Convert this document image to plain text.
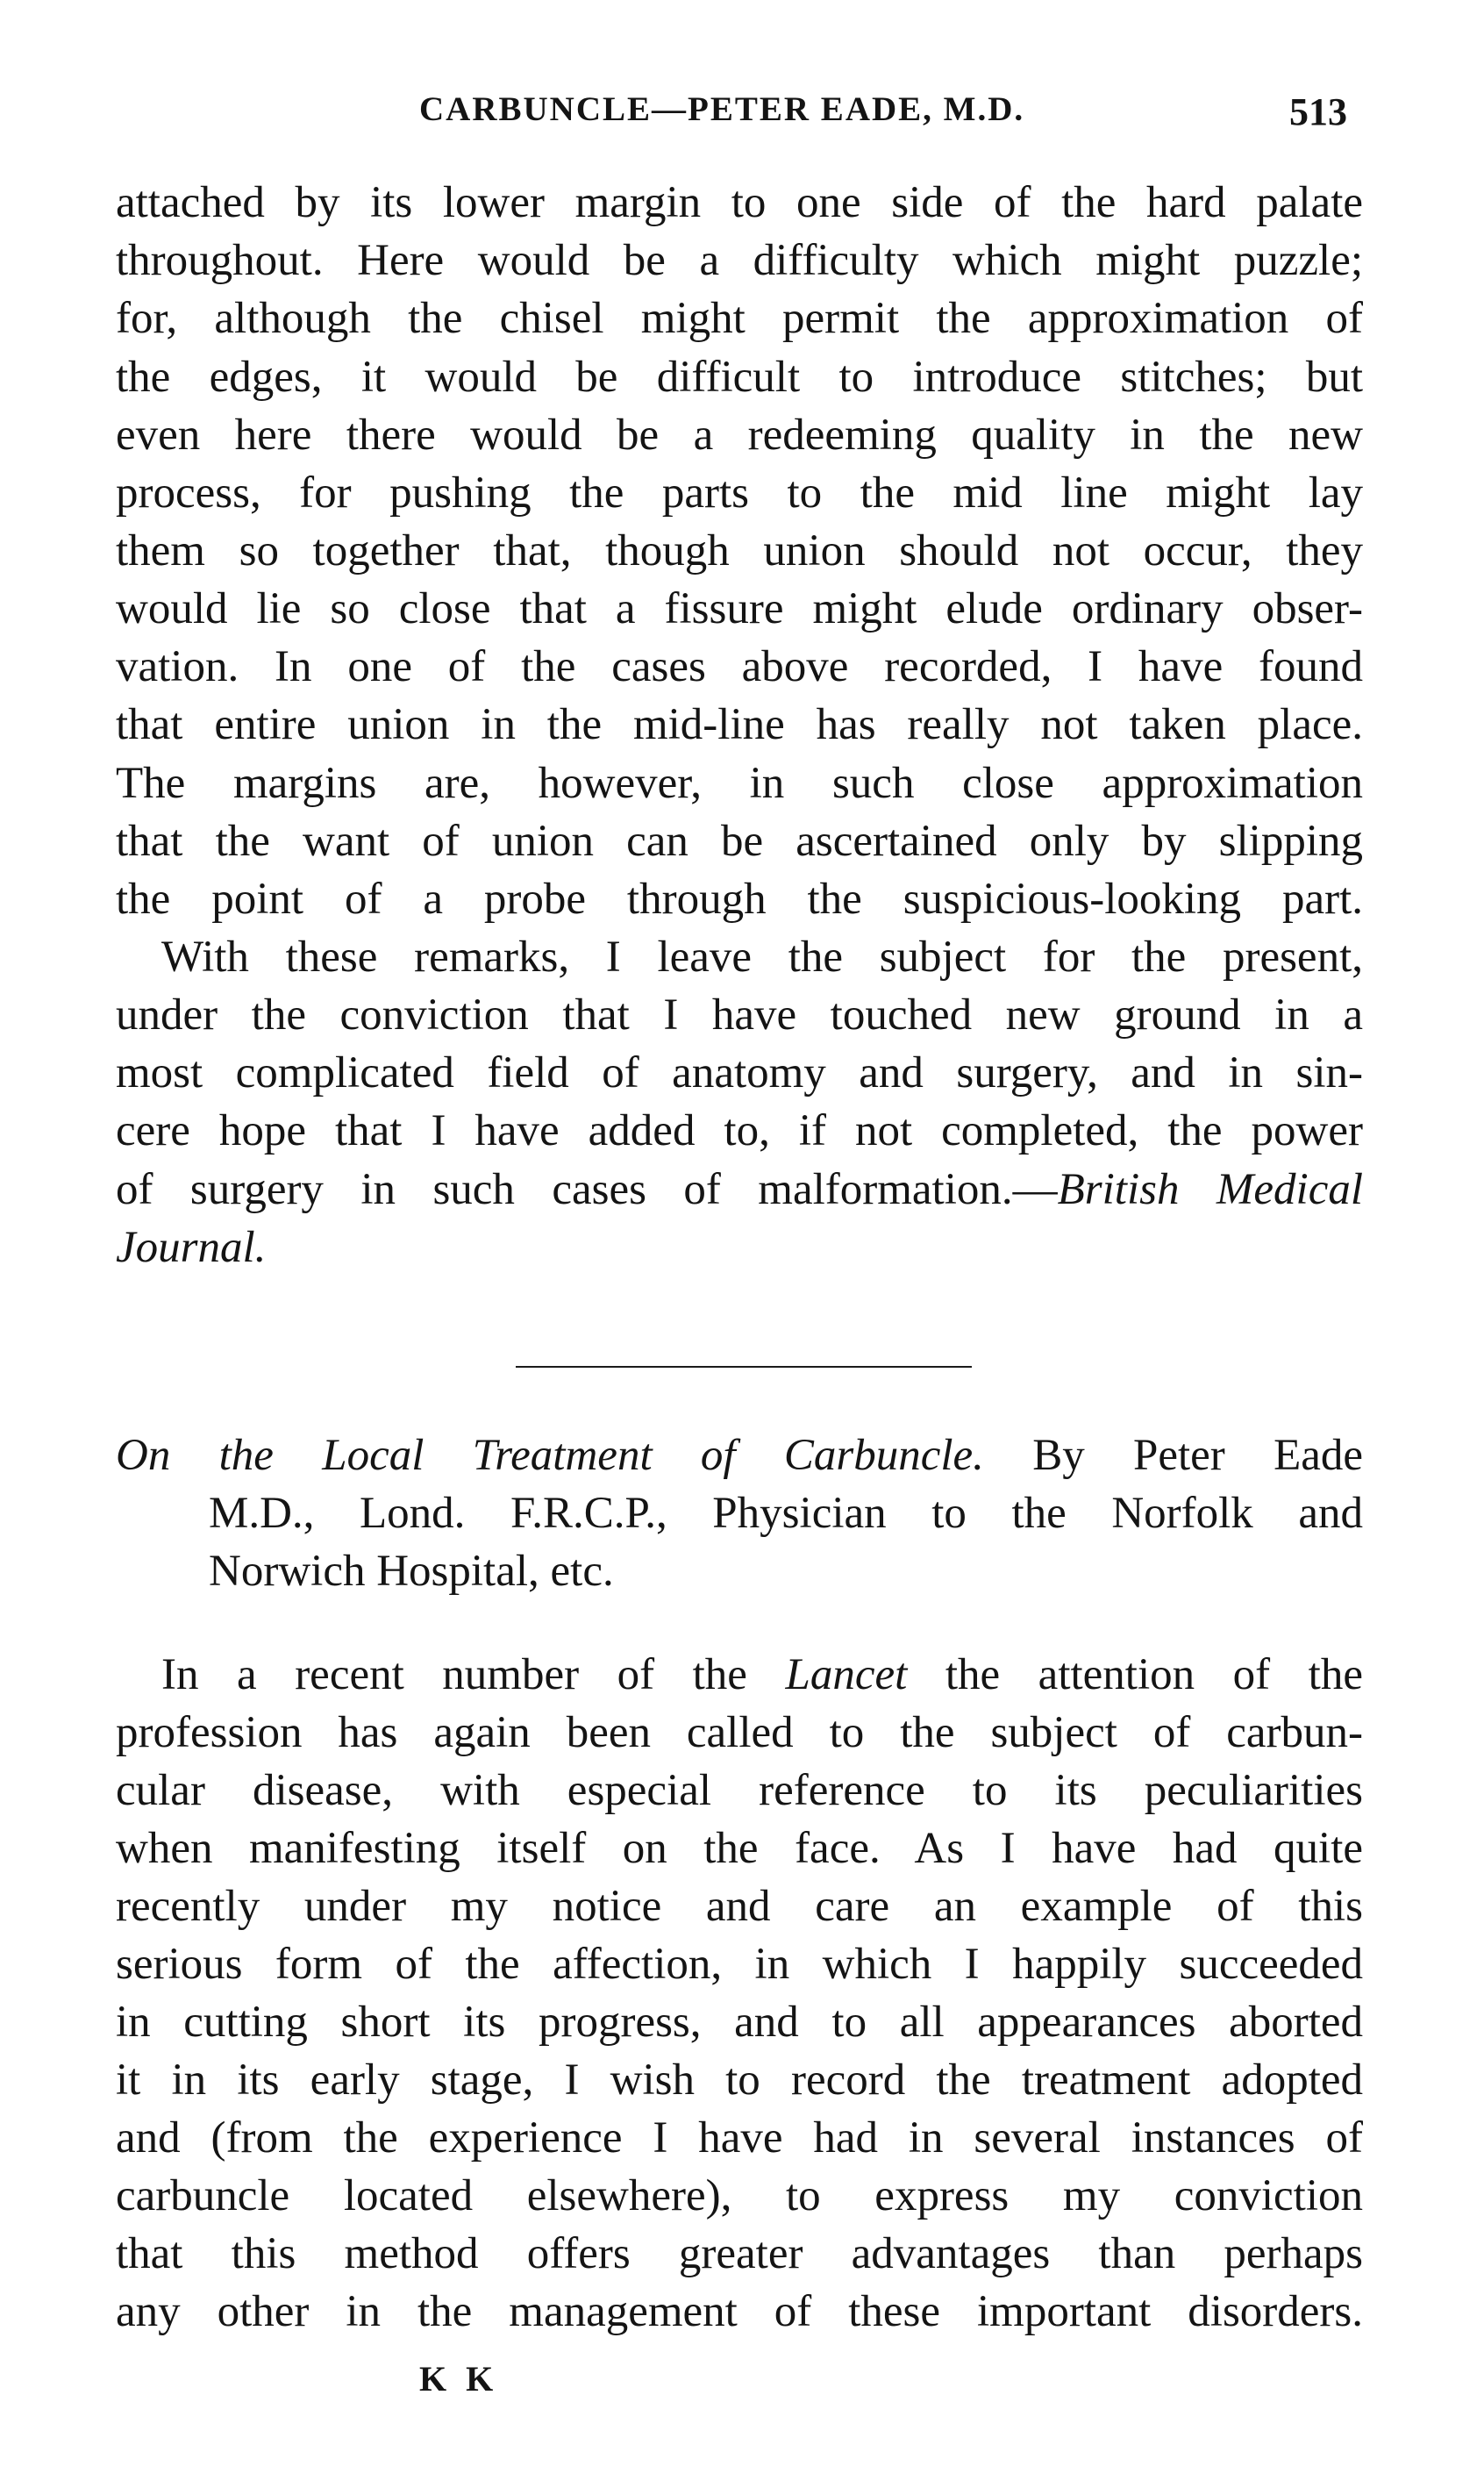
CARBUNCLE—PETER EADE, M.D.	513
attached by its lower margin to one side of the hard palate
throughout. Here would be a difficulty which might puzzle;
for, although the chisel might permit the approximation of
the edges, it would be difficult to introduce stitches; but
even here there would be a redeeming quality in the new
process, for pushing the parts to the mid line might lay
them so together that, though union should not occur, they
would lie so close that a fissure might elude ordinary obser-
vation. In one of the cases above recorded, I have found
that entire union in the mid-line has really not taken place.
The margins are, however, in such close approximation
that the want of union can be ascertained only by slipping
the point of a probe through the suspicious-looking part.
With these remarks, I leave the subject for the present,
under the conviction that I have touched new ground in a
most complicated field of anatomy and surgery, and in sin-
cere hope that I have added to, if not completed, the power
of surgery in such cases of malformation.—British Medical
Journal.
On the Local Treatment of Carbuncle. By Peter Eade
M.D., Lond. F.R.C.P., Physician to the Norfolk and
Norwich Hospital, etc.
In a recent number of the Lancet the attention of the
profession has again been called to the subject of carbun-
cular disease, with especial reference to its peculiarities
when manifesting itself on the face. As I have had quite
recently under my notice and care an example of this
serious form of the affection, in which I happily succeeded
in cutting short its progress, and to all appearances aborted
it in its early stage, I wish to record the treatment adopted
and (from the experience I have had in several instances of
carbuncle located elsewhere), to express my conviction
that this method offers greater advantages than perhaps
any other in the management of these important disorders.
K K
